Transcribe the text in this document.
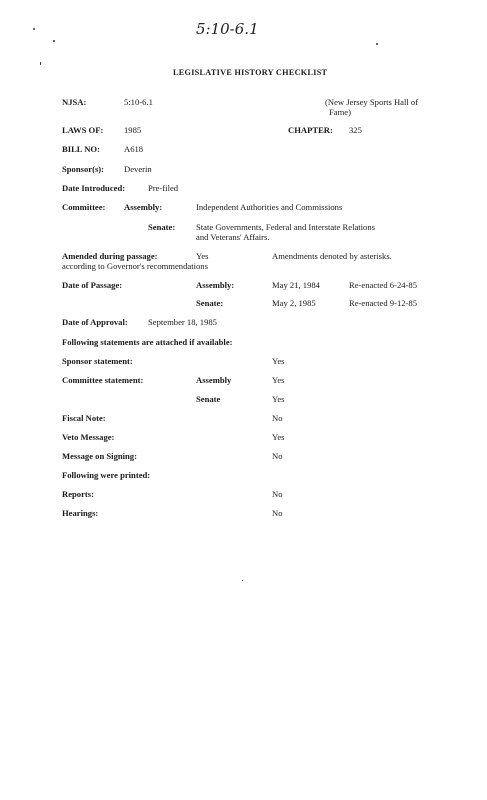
5:10-6.1
LEGISLATIVE HISTORY CHECKLIST
NJSA:	5:10-6.1	(New Jersey Sports Hall of
Fame)
LAWS OF: 1985	CHAPTER: 325
BILL NO:	A618
Sponsor(s): Deverin
Date Introduced:	Pre-filed
Committee: Assembly:	Independent Authorities and Commissions
Senate: State Governments, Federal and Interstate Relations
and Veterans' Affairs.
Amended during passage:	Yes	Amendments denoted by asterisks.
according to Governor's recommendations
Date of Passage:	Assembly:	May 21, 1984	Re-enacted 6-24-85
Senate:	May 2, 1985	Re-enacted 9-12-85
Date of Approval: September 18, 1985
Following statements are attached if available:
Sponsor statement:	Yes
Committee statement:	Assembly	Yes
Senate	Yes
Fiscal Note:	No
Veto Message:	Yes
Message on Signing:	No
Following were printed:
Reports:	No
Hearings:	No
